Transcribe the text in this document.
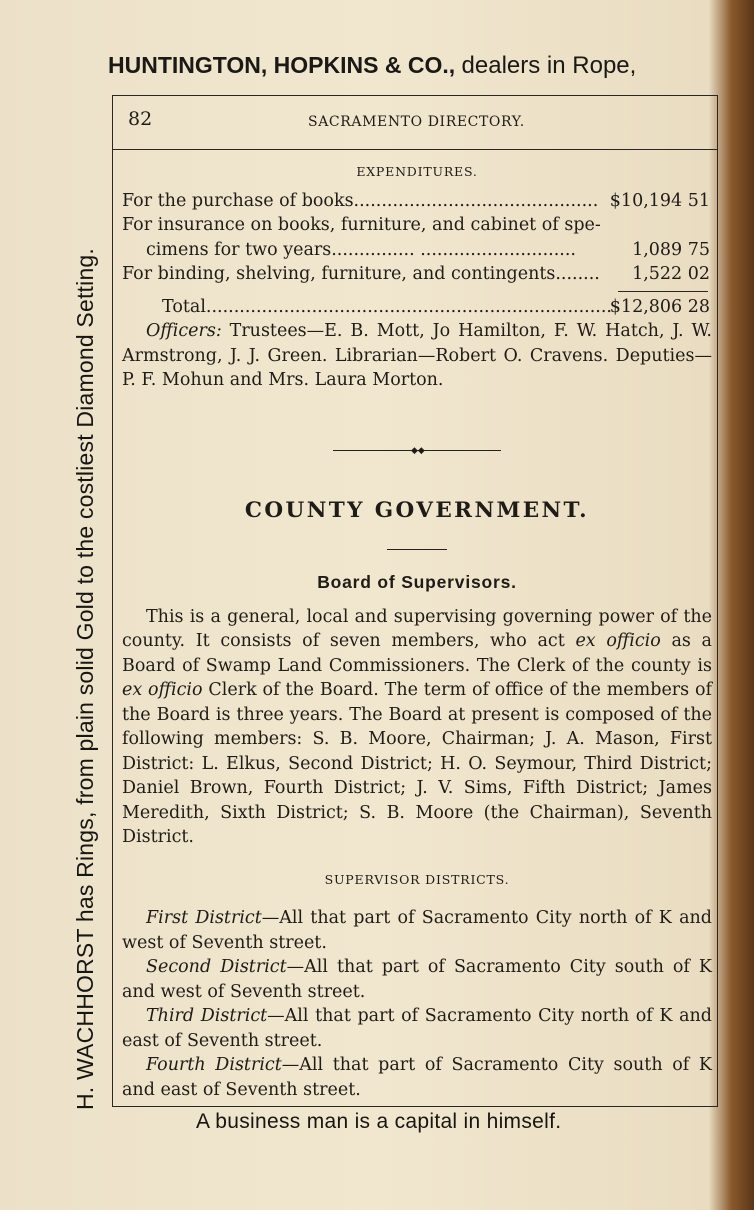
H. WACHHORST has Rings, from plain solid Gold to the costliest Diamond Setting.
HUNTINGTON, HOPKINS & CO., dealers in Rope,
82	SACRAMENTO DIRECTORY.
EXPENDITURES.
For the purchase of books............................................ $10,194 51
For insurance on books, furniture, and cabinet of spe-
cimens for two years............... ............................	1,089 75
For binding, shelving, furniture, and contingents........ 1,522 02
Total.........................................................................
$12,806 28
Officers: Trustees—E. B. Mott, Jo Hamilton, F. W. Hatch, J. W. Armstrong, J. J. Green. Librarian—Robert O. Cravens. Deputies—P. F. Mohun and Mrs. Laura Morton.
◆◆
COUNTY GOVERNMENT.
Board of Supervisors.
This is a general, local and supervising governing power of the county. It consists of seven members, who act ex officio as a Board of Swamp Land Commissioners. The Clerk of the county is ex officio Clerk of the Board. The term of office of the members of the Board is three years. The Board at present is composed of the following members: S. B. Moore, Chairman; J. A. Mason, First District: L. Elkus, Second District; H. O. Seymour, Third District; Daniel Brown, Fourth District; J. V. Sims, Fifth District; James Meredith, Sixth District; S. B. Moore (the Chairman), Seventh District.
SUPERVISOR DISTRICTS.
First District—All that part of Sacramento City north of K and west of Seventh street.
Second District—All that part of Sacramento City south of K and west of Seventh street.
Third District—All that part of Sacramento City north of K and east of Seventh street.
Fourth District—All that part of Sacramento City south of K and east of Seventh street.
A business man is a capital in himself.
